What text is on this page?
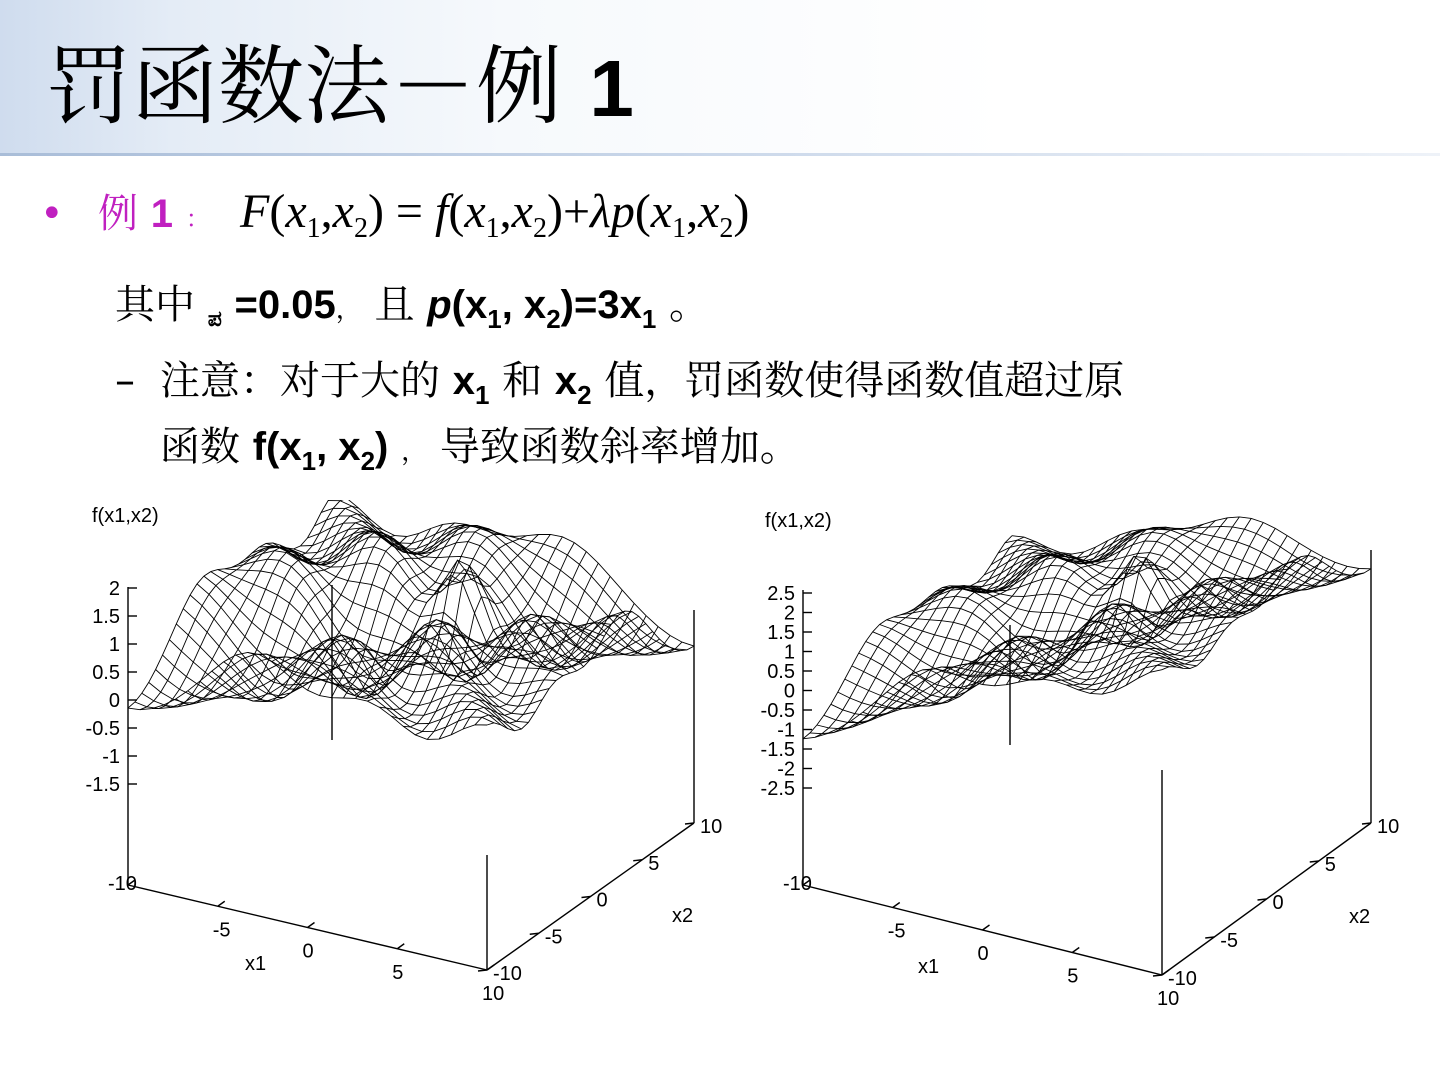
罚函数法－例 1
• 例 1 ： $F(x_1,x_2) = f(x_1,x_2)+\lambda p(x_1,x_2)$
其中 $_ಪ$ =0.05， 且 $p(x_1$, $x_2)=3x_1$ 。
– 注意：对于大的 $x_1$ 和 $x_2$ 值，罚函数使得函数值超过原
函数 $f(x_1$, $x_2$) ， 导致函数斜率增加。
2
1.5
1
0.5
0
-0.5
-1
-1.5
-10
-5
0
5
10
-10
-5
0
5
10
f(x1,x2)
x1
x2
2.5
2
1.5
1
0.5
0
-0.5
-1
-1.5
-2
-2.5
-10
-5
0
5
10
-10
-5
0
5
10
f(x1,x2)
x1
x2
